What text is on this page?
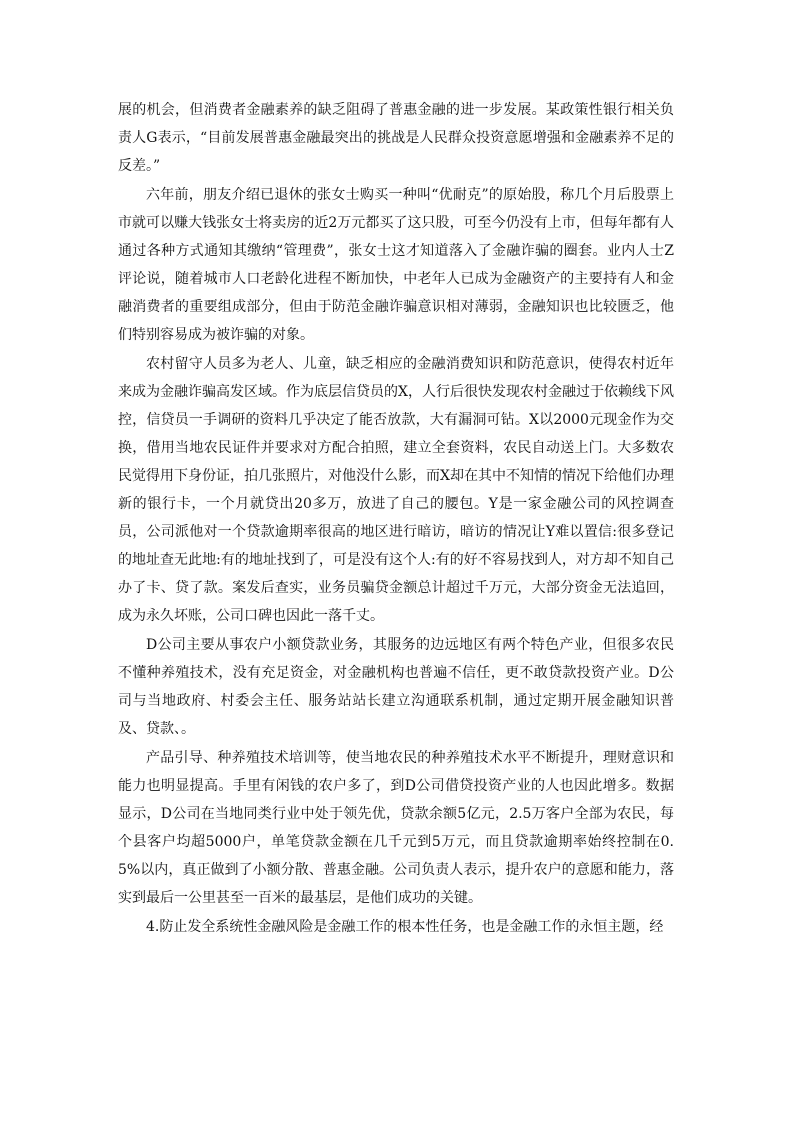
展的机会，但消费者金融素养的缺乏阻碍了普惠金融的进一步发展。某政策性银行相关负责人G表示，“目前发展普惠金融最突出的挑战是人民群众投资意愿增强和金融素养不足的反差。”

六年前，朋友介绍已退休的张女士购买一种叫“优耐克”的原始股，称几个月后股票上市就可以赚大钱张女士将卖房的近2万元都买了这只股，可至今仍没有上市，但每年都有人通过各种方式通知其缴纳“管理费”，张女士这才知道落入了金融诈骗的圈套。业内人士Z评论说，随着城市人口老龄化进程不断加快，中老年人已成为金融资产的主要持有人和金融消费者的重要组成部分，但由于防范金融诈骗意识相对薄弱，金融知识也比较匮乏，他们特别容易成为被诈骗的对象。

农村留守人员多为老人、儿童，缺乏相应的金融消费知识和防范意识，使得农村近年来成为金融诈骗高发区域。作为底层信贷员的X，人行后很快发现农村金融过于依赖线下风控，信贷员一手调研的资料几乎决定了能否放款，大有漏洞可钻。X以2000元现金作为交换，借用当地农民证件并要求对方配合拍照，建立全套资料，农民自动送上门。大多数农民觉得用下身份证，拍几张照片，对他没什么影，而X却在其中不知情的情况下给他们办理新的银行卡，一个月就贷出20多万，放进了自己的腰包。Y是一家金融公司的风控调查员，公司派他对一个贷款逾期率很高的地区进行暗访，暗访的情况让Y难以置信:很多登记的地址查无此地:有的地址找到了，可是没有这个人:有的好不容易找到人，对方却不知自己办了卡、贷了款。案发后查实，业务员骗贷金额总计超过千万元，大部分资金无法追回，成为永久坏账，公司口碑也因此一落千丈。

D公司主要从事农户小额贷款业务，其服务的边远地区有两个特色产业，但很多农民不懂种养殖技术，没有充足资金，对金融机构也普遍不信任，更不敢贷款投资产业。D公司与当地政府、村委会主任、服务站站长建立沟通联系机制，通过定期开展金融知识普及、贷款、。

产品引导、种养殖技术培训等，使当地农民的种养殖技术水平不断提升，理财意识和能力也明显提高。手里有闲钱的农户多了，到D公司借贷投资产业的人也因此增多。数据显示，D公司在当地同类行业中处于领先优，贷款余额5亿元，2.5万客户全部为农民，每个县客户均超5000户，单笔贷款金额在几千元到5万元，而且贷款逾期率始终控制在0.5%以内，真正做到了小额分散、普惠金融。公司负责人表示，提升农户的意愿和能力，落实到最后一公里甚至一百米的最基层，是他们成功的关键。

4.防止发全系统性金融风险是金融工作的根本性任务，也是金融工作的永恒主题，经
